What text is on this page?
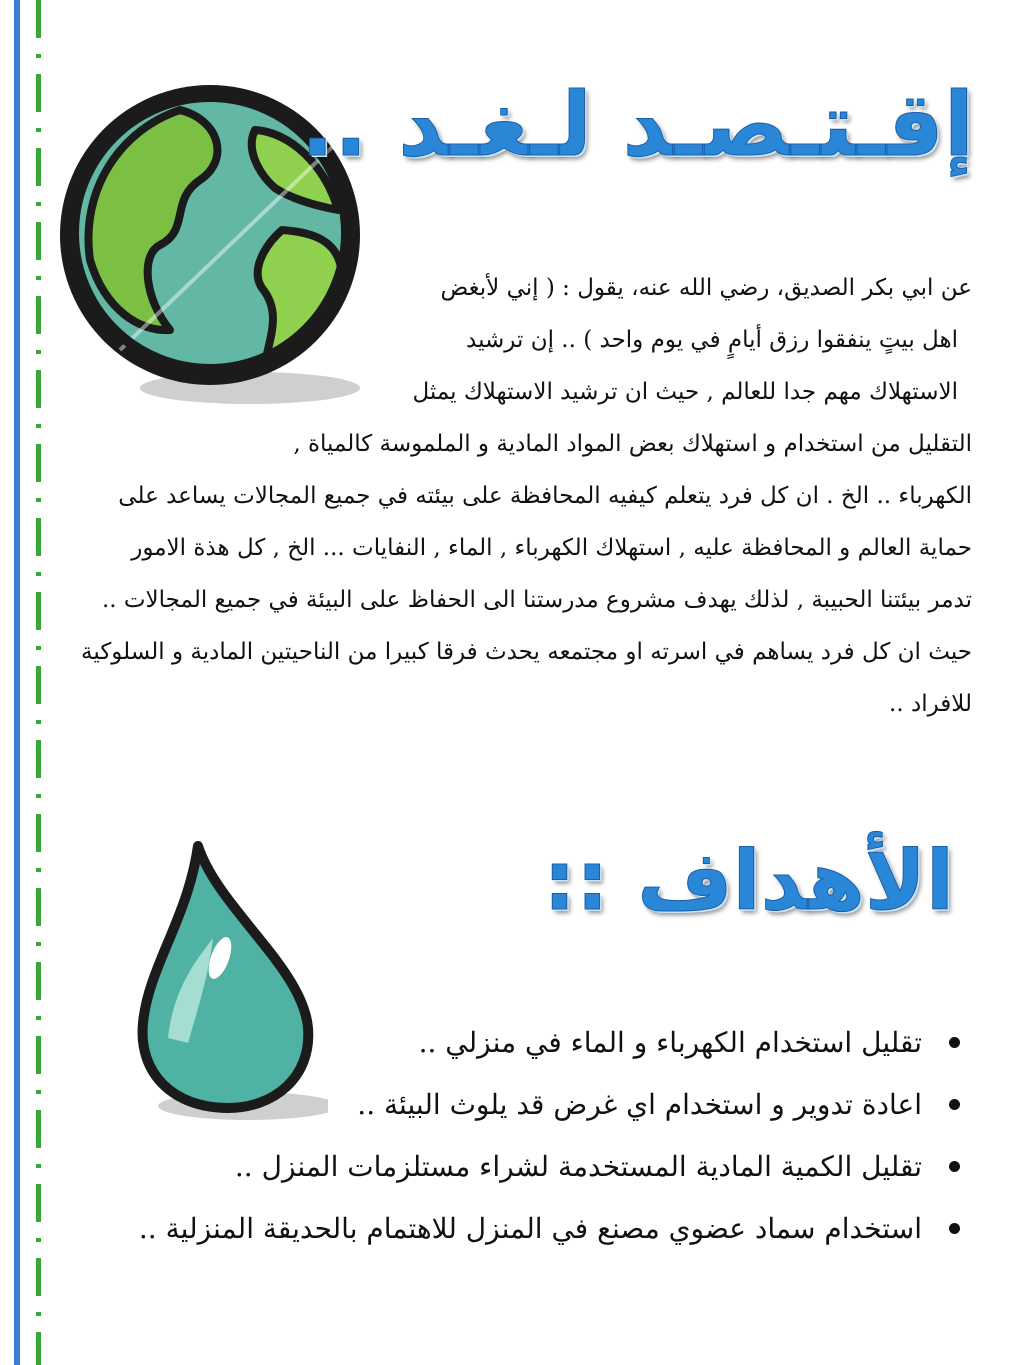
إقـتـصـد لـغـد ..

عن ابي بكر الصديق، رضي الله عنه، يقول : ( إني لأبغض
اهل بيتٍ ينفقوا رزق أيامٍ في يوم واحد ) .. إن ترشيد
الاستهلاك مهم جدا للعالم , حيث ان ترشيد الاستهلاك يمثل
التقليل من استخدام و استهلاك بعض المواد المادية و الملموسة كالمياة ,
الكهرباء .. الخ . ان كل فرد يتعلم كيفيه المحافظة على بيئته في جميع المجالات يساعد على
حماية العالم و المحافظة عليه , استهلاك الكهرباء , الماء , النفايات ... الخ , كل هذة الامور
تدمر بيئتنا الحبيبة , لذلك يهدف مشروع مدرستنا الى الحفاظ على البيئة في جميع المجالات ..
حيث ان كل فرد يساهم في اسرته او مجتمعه يحدث فرقا كبيرا من الناحيتين المادية و السلوكية
للافراد ..

الأهداف ::
تقليل استخدام الكهرباء و الماء في منزلي ..
اعادة تدوير و استخدام اي غرض قد يلوث البيئة ..
تقليل الكمية المادية المستخدمة لشراء مستلزمات المنزل ..
استخدام سماد عضوي مصنع في المنزل للاهتمام بالحديقة المنزلية ..
